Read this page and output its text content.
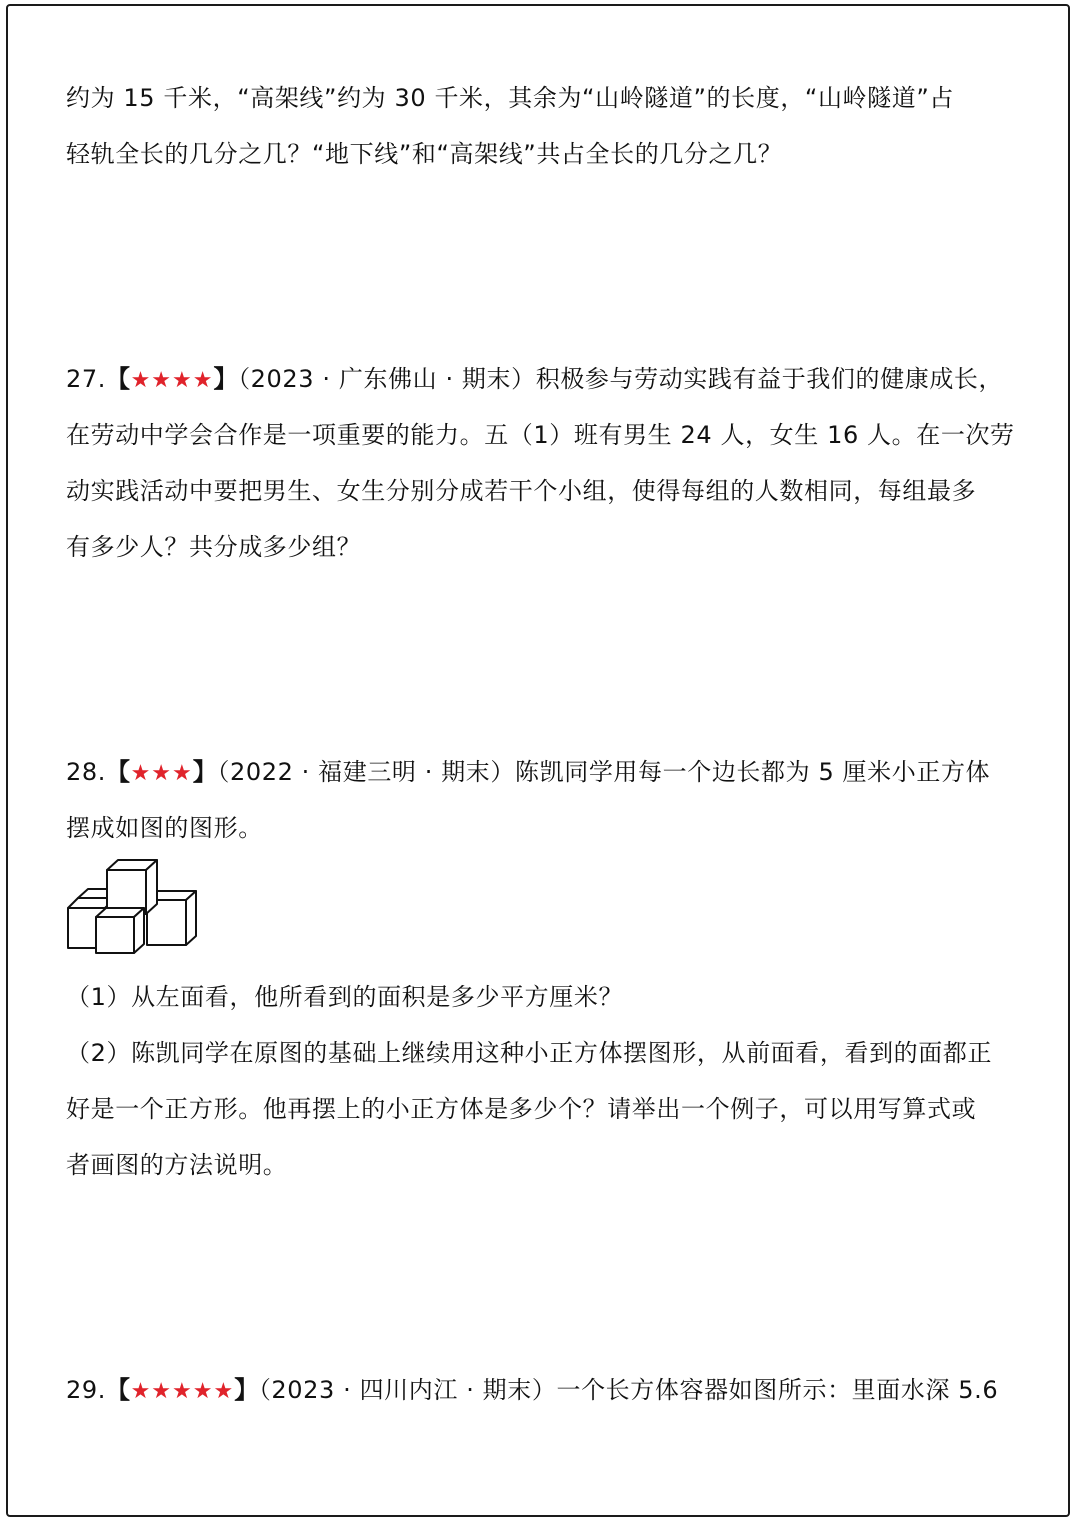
约为 15 千米，“高架线”约为 30 千米，其余为“山岭隧道”的长度，“山岭隧道”占
轻轨全长的几分之几？“地下线”和“高架线”共占全长的几分之几？
27.【★★★★】（2023 · 广东佛山 · 期末）积极参与劳动实践有益于我们的健康成长，
在劳动中学会合作是一项重要的能力。五（1）班有男生 24 人，女生 16 人。在一次劳
动实践活动中要把男生、女生分别分成若干个小组，使得每组的人数相同，每组最多
有多少人？共分成多少组？
28.【★★★】（2022 · 福建三明 · 期末）陈凯同学用每一个边长都为 5 厘米小正方体
摆成如图的图形。
（1）从左面看，他所看到的面积是多少平方厘米？
（2）陈凯同学在原图的基础上继续用这种小正方体摆图形，从前面看，看到的面都正
好是一个正方形。他再摆上的小正方体是多少个？请举出一个例子，可以用写算式或
者画图的方法说明。
29.【★★★★★】（2023 · 四川内江 · 期末）一个长方体容器如图所示：里面水深 5.6
